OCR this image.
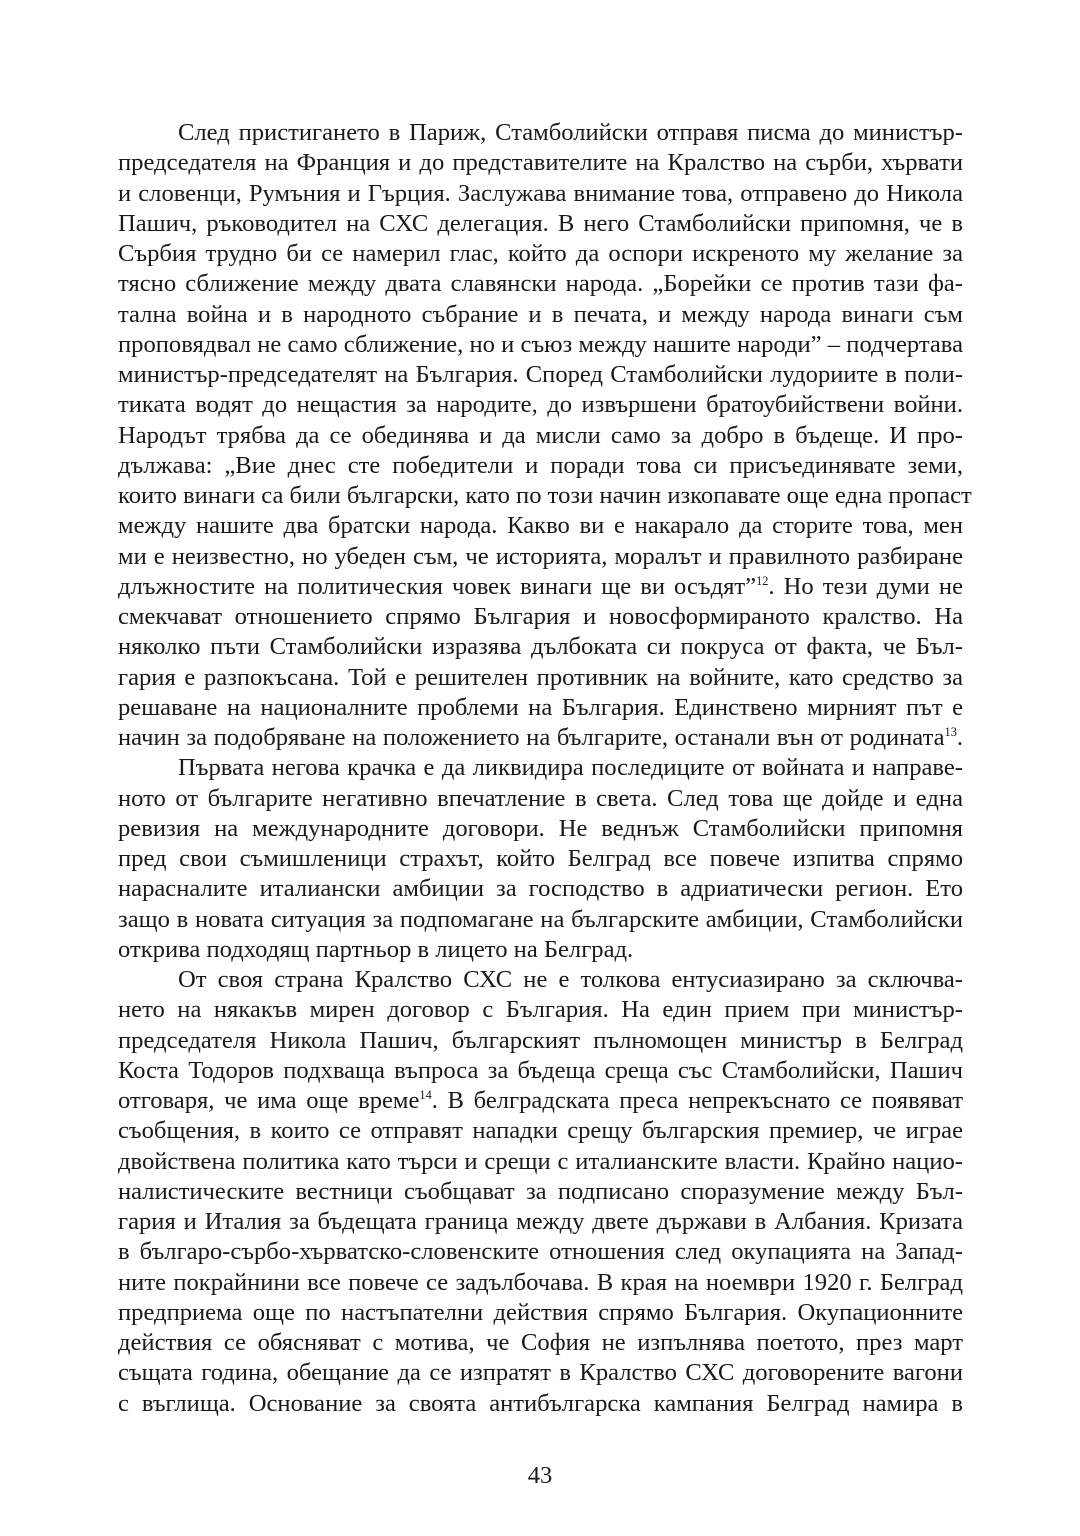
След пристигането в Париж, Стамболийски отправя писма до министър-
председателя на Франция и до представителите на Кралство на сърби, хървати
и словенци, Румъния и Гърция. Заслужава внимание това, отправено до Никола
Пашич, ръководител на СХС делегация. В него Стамболийски припомня, че в
Сърбия трудно би се намерил глас, който да оспори искреното му желание за
тясно сближение между двата славянски народа. „Борейки се против тази фа-
тална война и в народното събрание и в печата, и между народа винаги съм
проповядвал не само сближение, но и съюз между нашите народи” – подчертава
министър-председателят на България. Според Стамболийски лудориите в поли-
тиката водят до нещастия за народите, до извършени братоубийствени войни.
Народът трябва да се обединява и да мисли само за добро в бъдеще. И про-
дължава: „Вие днес сте победители и поради това си присъединявате земи,
които винаги са били български, като по този начин изкопавате още една пропаст
между нашите два братски народа. Какво ви е накарало да сторите това, мен
ми е неизвестно, но убеден съм, че историята, моралът и правилното разбиране
длъжностите на политическия човек винаги ще ви осъдят”$^{12}$. Но тези думи не
смекчават отношението спрямо България и новосформираното кралство. На
няколко пъти Стамболийски изразява дълбоката си покруса от факта, че Бъл-
гария е разпокъсана. Той е решителен противник на войните, като средство за
решаване на националните проблеми на България. Единствено мирният път е
начин за подобряване на положението на българите, останали вън от родината$^{13}$.
Първата негова крачка е да ликвидира последиците от войната и направе-
ното от българите негативно впечатление в света. След това ще дойде и една
ревизия на международните договори. Не веднъж Стамболийски припомня
пред свои съмишленици страхът, който Белград все повече изпитва спрямо
нарасналите италиански амбиции за господство в адриатически регион. Ето
защо в новата ситуация за подпомагане на българските амбиции, Стамболийски
открива подходящ партньор в лицето на Белград.
От своя страна Кралство СХС не е толкова ентусиазирано за сключва-
нето на някакъв мирен договор с България. На един прием при министър-
председателя Никола Пашич, българският пълномощен министър в Белград
Коста Тодоров подхваща въпроса за бъдеща среща със Стамболийски, Пашич
отговаря, че има още време$^{14}$. В белградската преса непрекъснато се появяват
съобщения, в които се отправят нападки срещу българския премиер, че играе
двойствена политика като търси и срещи с италианските власти. Крайно нацио-
налистическите вестници съобщават за подписано споразумение между Бъл-
гария и Италия за бъдещата граница между двете държави в Албания. Кризата
в българо-сърбо-хърватско-словенските отношения след окупацията на Запад-
ните покрайнини все повече се задълбочава. В края на ноември 1920 г. Белград
предприема още по настъпателни действия спрямо България. Окупационните
действия се обясняват с мотива, че София не изпълнява поетото, през март
същата година, обещание да се изпратят в Кралство СХС договорените вагони
с въглища. Основание за своята антибългарска кампания Белград намира в
43
